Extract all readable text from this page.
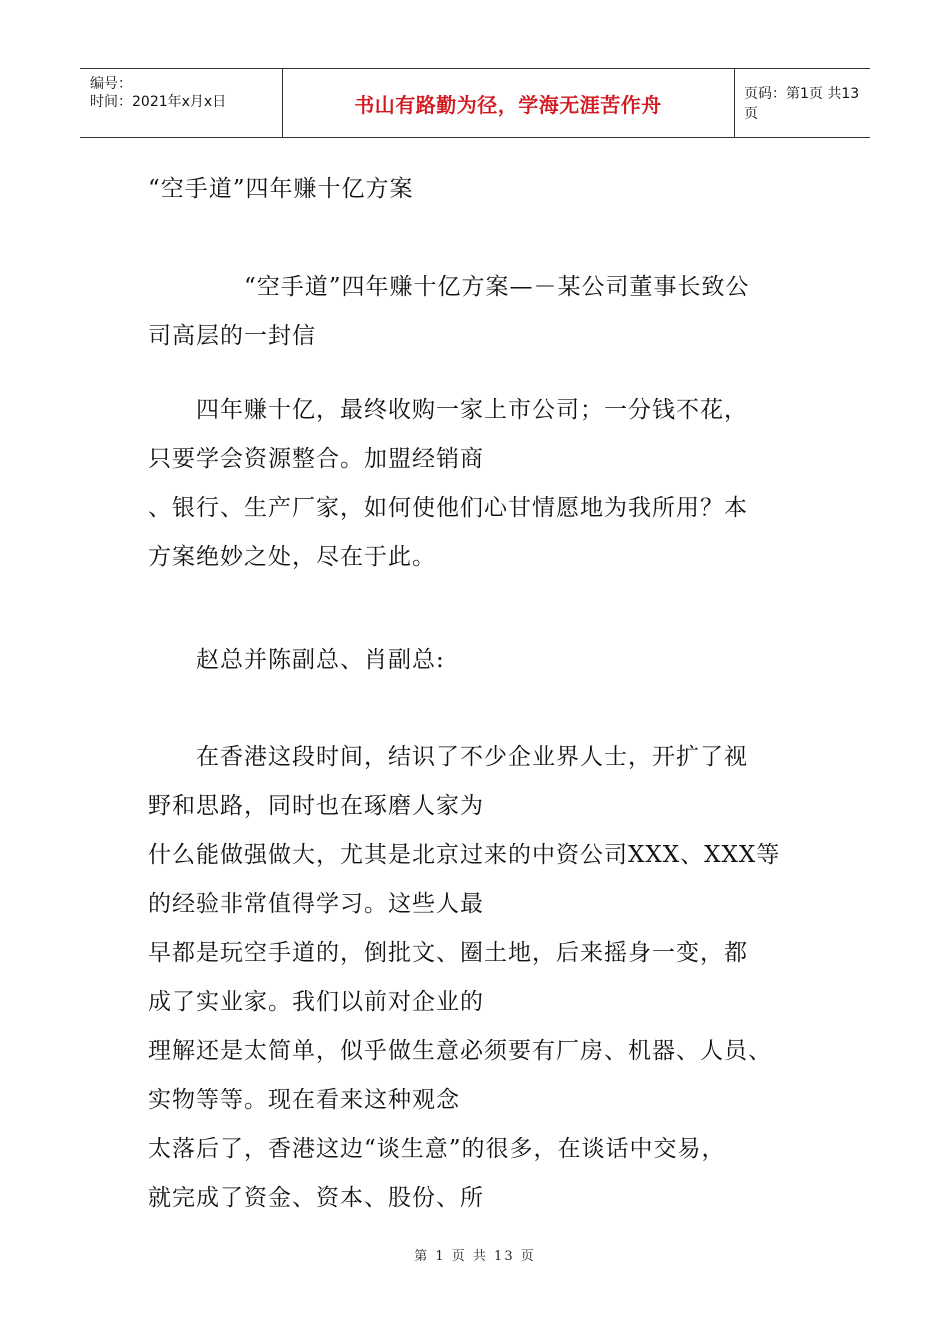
编号：
时间：2021年x月x日	书山有路勤为径，学海无涯苦作舟	页码：第1页 共13页
“空手道”四年赚十亿方案

“空手道”四年赚十亿方案—－某公司董事长致公

司高层的一封信

四年赚十亿，最终收购一家上市公司；一分钱不花，

只要学会资源整合。加盟经销商

、银行、生产厂家，如何使他们心甘情愿地为我所用？本

方案绝妙之处，尽在于此。

赵总并陈副总、肖副总:

在香港这段时间，结识了不少企业界人士，开扩了视

野和思路，同时也在琢磨人家为

什么能做强做大，尤其是北京过来的中资公司XXX、XXX等

的经验非常值得学习。这些人最

早都是玩空手道的，倒批文、圈土地，后来摇身一变，都

成了实业家。我们以前对企业的

理解还是太简单，似乎做生意必须要有厂房、机器、人员、

实物等等。现在看来这种观念

太落后了，香港这边“谈生意”的很多，在谈话中交易，

就完成了资金、资本、股份、所

第 1 页 共 13 页
